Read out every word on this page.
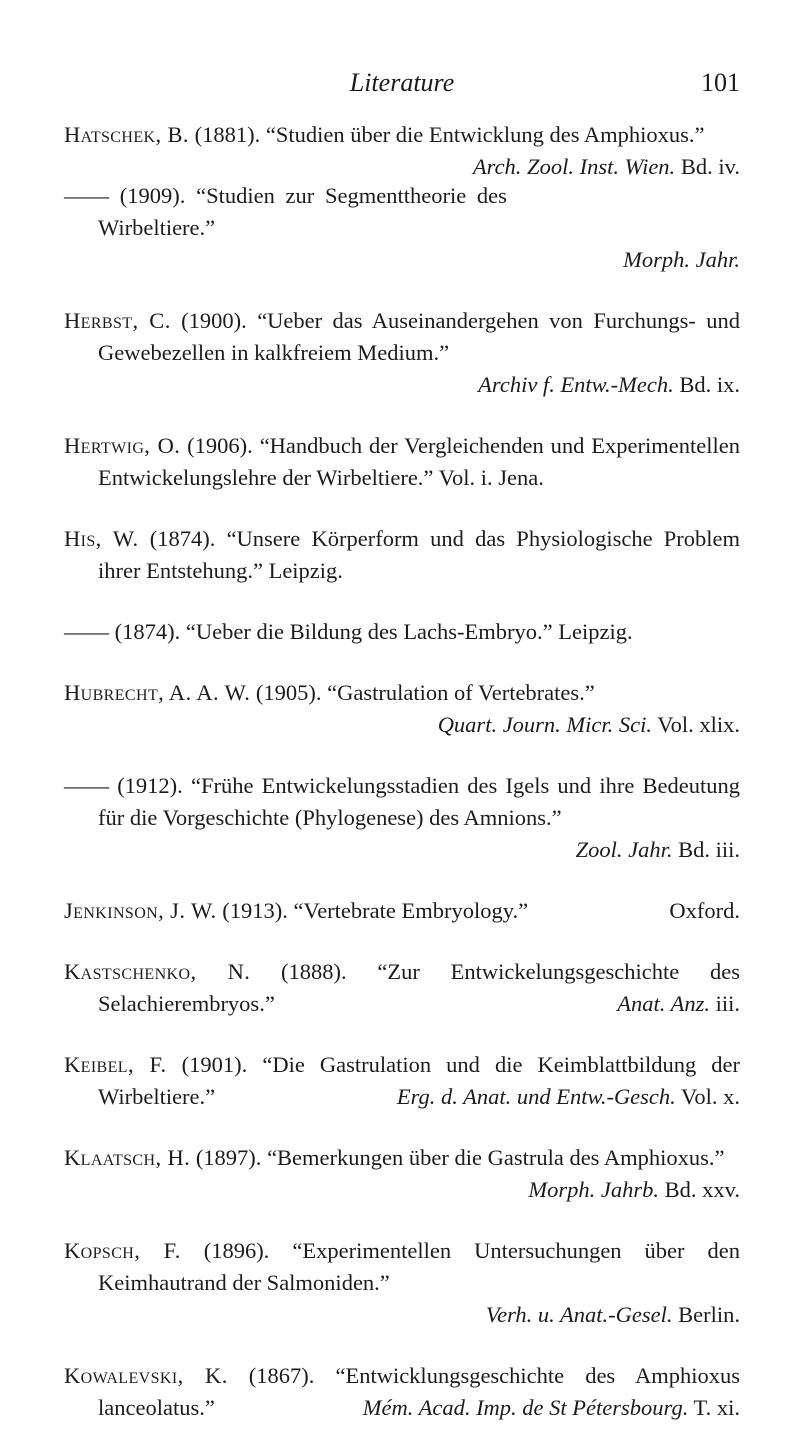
Literature	101

Hatschek, B. (1881). “Studien über die Entwicklung des Amphioxus.”
Arch. Zool. Inst. Wien. Bd. iv.

—— (1909). “Studien zur Segmenttheorie des Wirbeltiere.”
Morph. Jahr.

Herbst, C. (1900). “Ueber das Auseinandergehen von Furchungs- und Gewebezellen in kalkfreiem Medium.”
Archiv f. Entw.-Mech. Bd. ix.

Hertwig, O. (1906). “Handbuch der Vergleichenden und Experimentellen Entwickelungslehre der Wirbeltiere.” Vol. i. Jena.

His, W. (1874). “Unsere Körperform und das Physiologische Problem ihrer Entstehung.” Leipzig.

—— (1874). “Ueber die Bildung des Lachs-Embryo.” Leipzig.

Hubrecht, A. A. W. (1905). “Gastrulation of Vertebrates.”
Quart. Journ. Micr. Sci. Vol. xlix.

—— (1912). “Frühe Entwickelungsstadien des Igels und ihre Bedeutung für die Vorgeschichte (Phylogenese) des Amnions.”
Zool. Jahr. Bd. iii.

Jenkinson, J. W. (1913). “Vertebrate Embryology.”	Oxford.

Kastschenko, N. (1888). “Zur Entwickelungsgeschichte des Selachierembryos.”	Anat. Anz. iii.

Keibel, F. (1901). “Die Gastrulation und die Keimblattbildung der Wirbeltiere.”	Erg. d. Anat. und Entw.-Gesch. Vol. x.

Klaatsch, H. (1897). “Bemerkungen über die Gastrula des Amphioxus.”
Morph. Jahrb. Bd. xxv.

Kopsch, F. (1896). “Experimentellen Untersuchungen über den Keimhautrand der Salmoniden.”
Verh. u. Anat.-Gesel. Berlin.

Kowalevski, K. (1867). “Entwicklungsgeschichte des Amphioxus lanceolatus.”	Mém. Acad. Imp. de St Pétersbourg. T. xi.
